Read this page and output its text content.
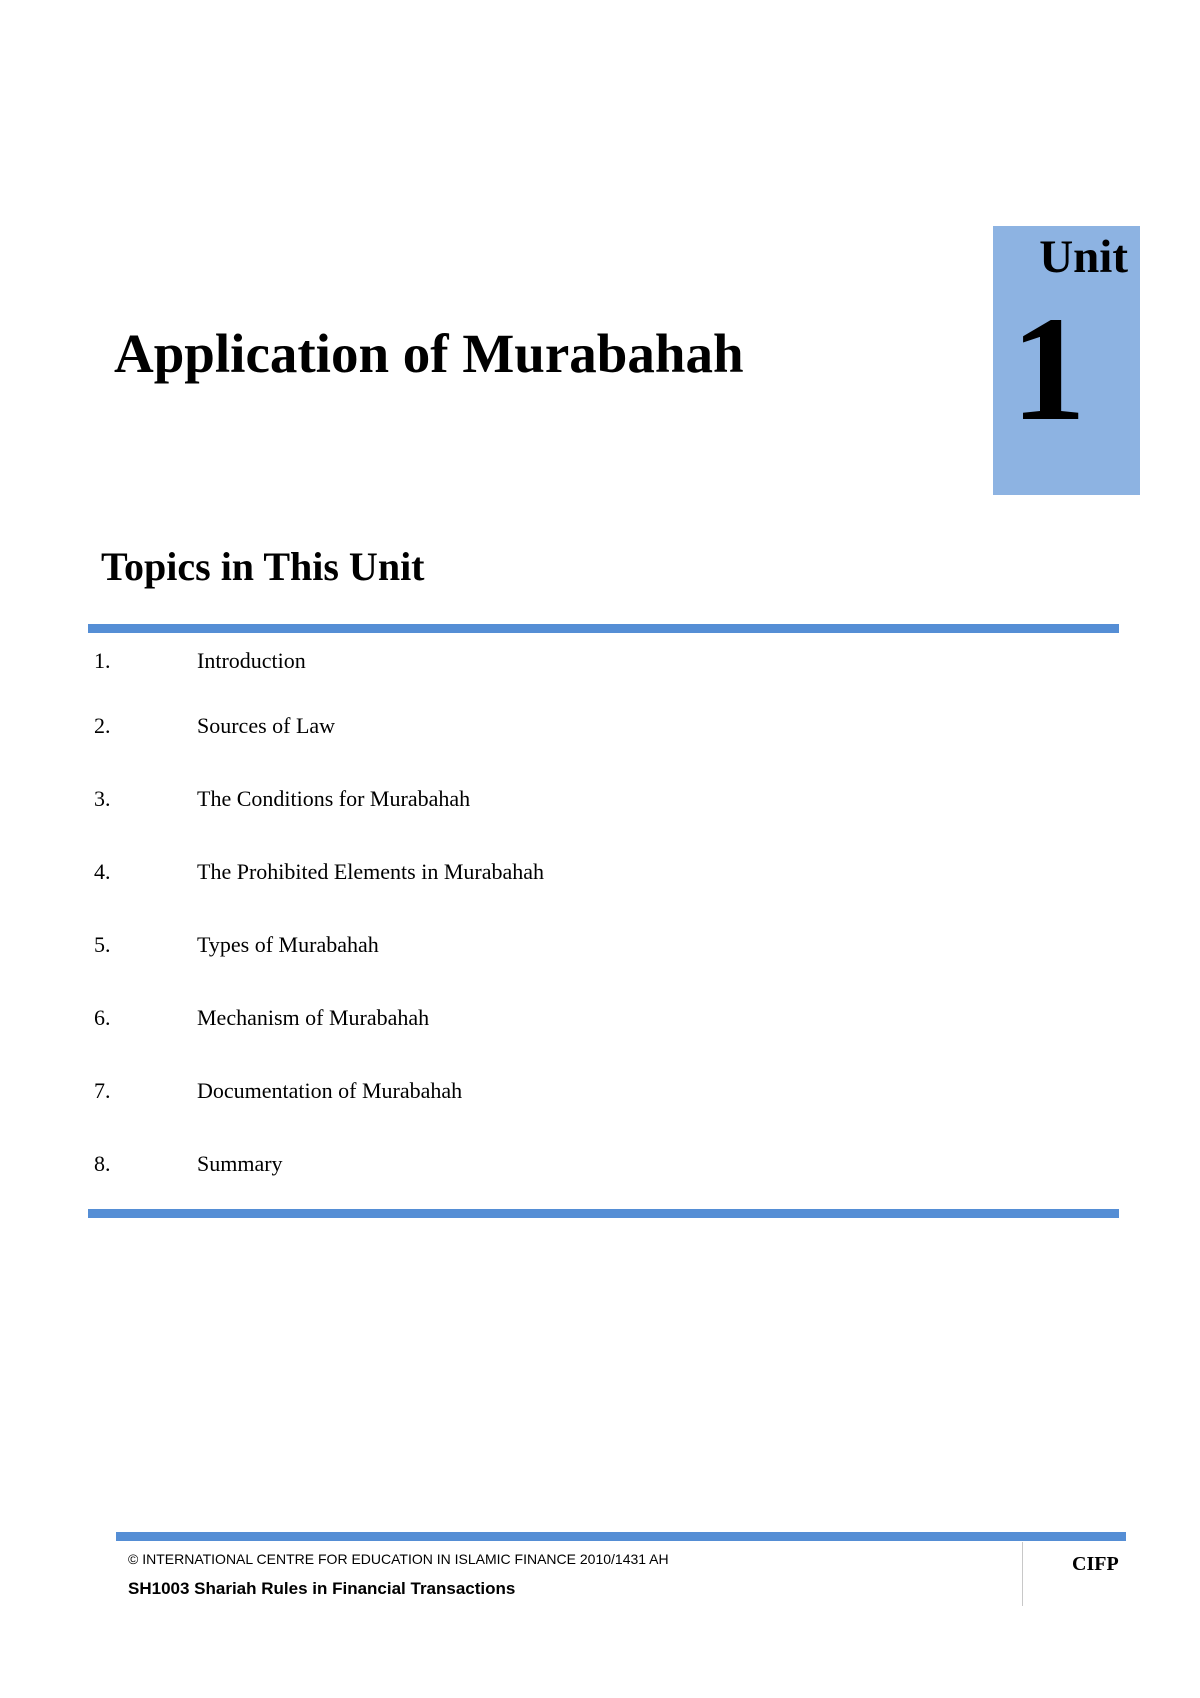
Application of Murabahah
Unit
1
Topics in This Unit
1.	Introduction
2.	Sources of Law
3.	The Conditions for Murabahah
4.	The Prohibited Elements in Murabahah
5.	Types of Murabahah
6.	Mechanism of Murabahah
7.	Documentation of Murabahah
8.	Summary
© INTERNATIONAL CENTRE FOR EDUCATION IN ISLAMIC FINANCE 2010/1431 AH
SH1003 Shariah Rules in Financial Transactions
CIFP
